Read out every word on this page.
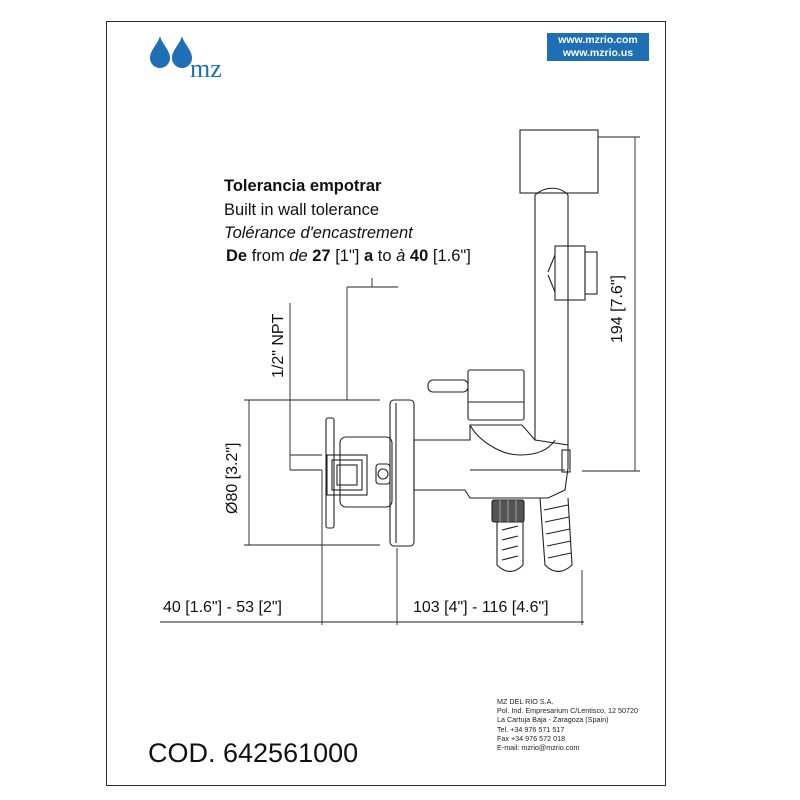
mz
www.mzrio.com
www.mzrio.us
Tolerancia empotrar
Built in wall tolerance
Tolérance d'encastrement
De from de 27 [1"] a to à 40 [1.6"]
1/2" NPT
Ø80 [3.2"]
194 [7.6"]
40 [1.6"] - 53 [2"]	103 [4"] - 116 [4.6"]
COD. 642561000
MZ DEL RIO S.A.
Pol. Ind. Empresarium C/Lentisco, 12 50720
La Cartuja Baja - Zaragoza (Spain)
Tel. +34 976 571 517
Fax +34 976 572 018
E-mail: mzrio@mzrio.com
